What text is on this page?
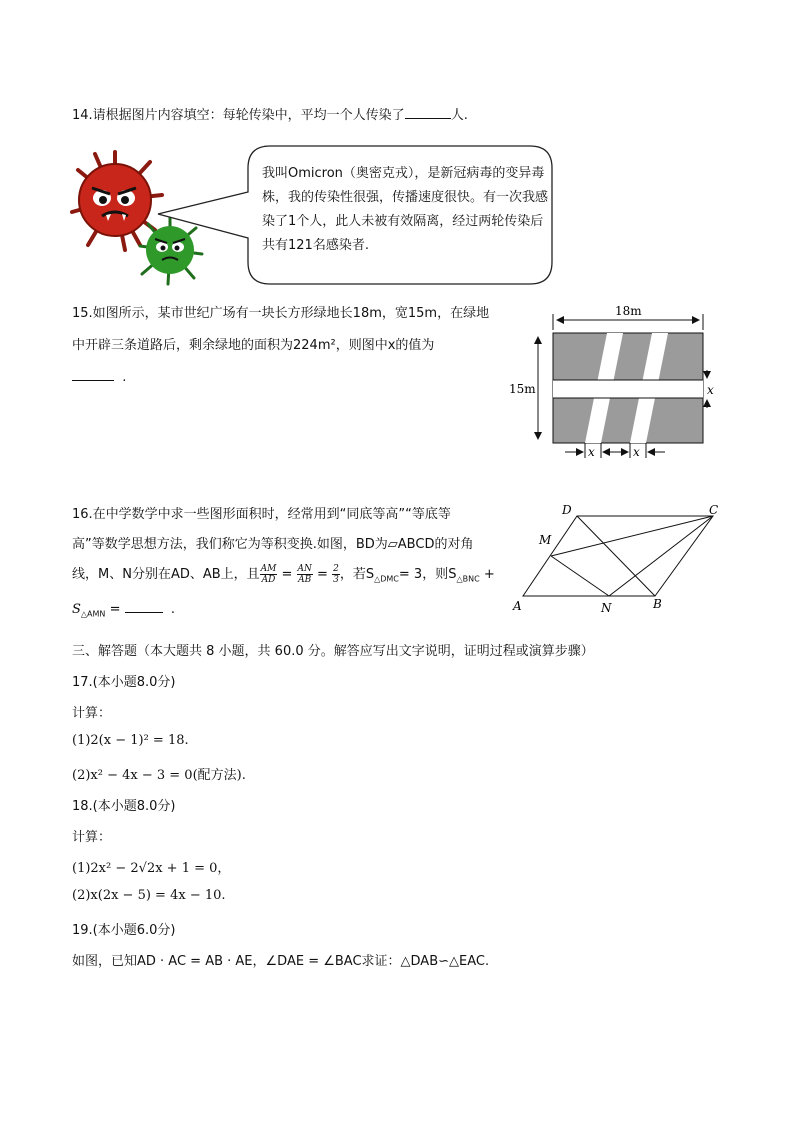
14.请根据图片内容填空：每轮传染中，平均一个人传染了	人.
我叫Omicron（奥密克戎），是新冠病毒的变异毒株，我的传染性很强，传播速度很快。有一次我感染了1个人，此人未被有效隔离，经过两轮传染后共有121名感染者.
15.如图所示，某市世纪广场有一块长方形绿地长18m，宽15m，在绿地中开辟三条道路后，剩余绿地的面积为224m²，则图中x的值为
.
18m
15m	x
x	x
16.在中学数学中求一些图形面积时，经常用到“同底等高”“等底等
高”等数学思想方法，我们称它为等积变换.如图，BD为▱ABCD的对角
线，M、N分别在AD、AB上，且 $\frac{AM}{AD} = \frac{AN}{AB} = \frac{2}{3}$ ，若$S_{\triangle DMC}= 3$，则$S_{\triangle BNC}$ +
$S_{\triangle AMN}$ =	.	A	B
C
D
M
N
三、解答题（本大题共 8 小题，共 60.0 分。解答应写出文字说明，证明过程或演算步骤）
17.(本小题8.0分)
计算：
(1)2(x − 1)² = 18.
(2)x² − 4x − 3 = 0(配方法).
18.(本小题8.0分)
计算：
(1)2x² − 2√2x + 1 = 0，
(2)x(2x − 5) = 4x − 10.
19.(本小题6.0分)
如图，已知AD · AC = AB · AE，∠DAE = ∠BAC求证：△DAB∽△EAC.
